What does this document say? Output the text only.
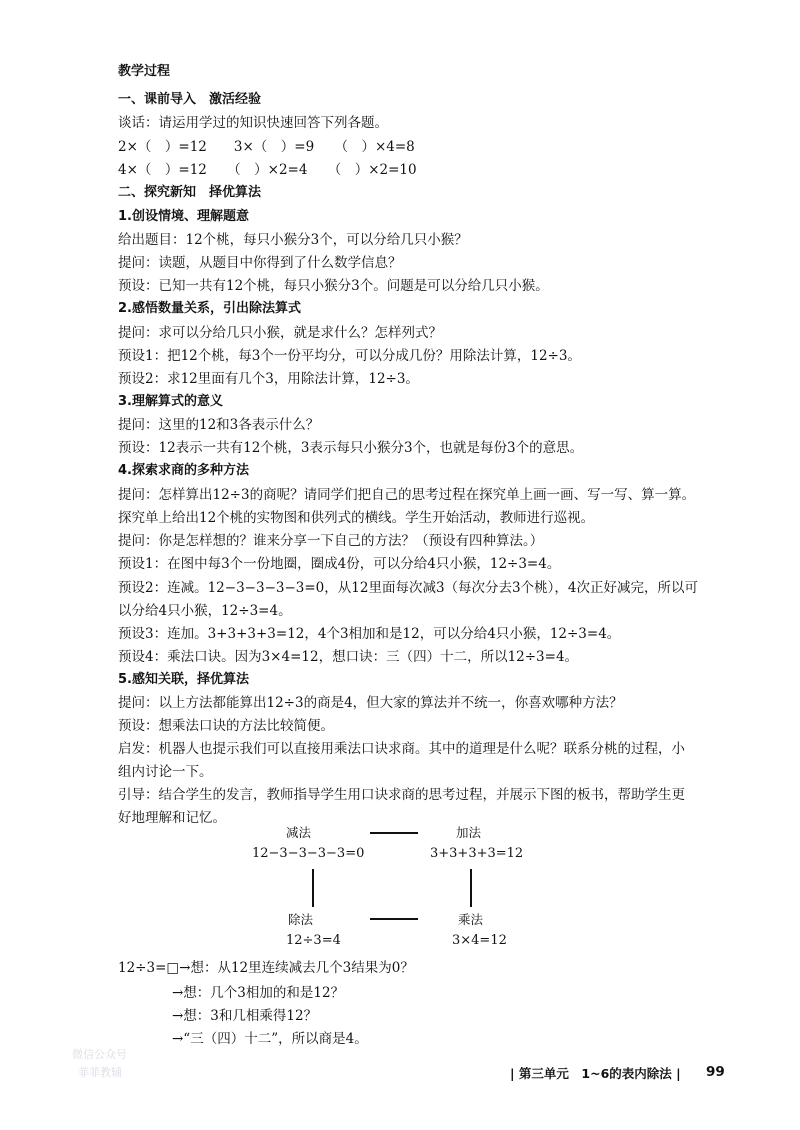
教学过程
一、课前导入　激活经验
谈话：请运用学过的知识快速回答下列各题。
2×（　）=12　　3×（　）=9　　（　）×4=8
4×（　）=12　　（　）×2=4　　（　）×2=10
二、探究新知　择优算法
1.创设情境、理解题意
给出题目：12个桃，每只小猴分3个，可以分给几只小猴？
提问：读题，从题目中你得到了什么数学信息？
预设：已知一共有12个桃，每只小猴分3个。问题是可以分给几只小猴。
2.感悟数量关系，引出除法算式
提问：求可以分给几只小猴，就是求什么？怎样列式？
预设1：把12个桃，每3个一份平均分，可以分成几份？用除法计算，12÷3。
预设2：求12里面有几个3，用除法计算，12÷3。
3.理解算式的意义
提问：这里的12和3各表示什么？
预设：12表示一共有12个桃，3表示每只小猴分3个，也就是每份3个的意思。
4.探索求商的多种方法
提问：怎样算出12÷3的商呢？请同学们把自己的思考过程在探究单上画一画、写一写、算一算。
探究单上给出12个桃的实物图和供列式的横线。学生开始活动，教师进行巡视。
提问：你是怎样想的？谁来分享一下自己的方法？（预设有四种算法。）
预设1：在图中每3个一份地圈，圈成4份，可以分给4只小猴，12÷3=4。
预设2：连减。12−3−3−3−3=0，从12里面每次减3（每次分去3个桃），4次正好减完，所以可
以分给4只小猴，12÷3=4。
预设3：连加。3+3+3+3=12，4个3相加和是12，可以分给4只小猴，12÷3=4。
预设4：乘法口诀。因为3×4=12，想口诀：三（四）十二，所以12÷3=4。
5.感知关联，择优算法
提问：以上方法都能算出12÷3的商是4，但大家的算法并不统一，你喜欢哪种方法？
预设：想乘法口诀的方法比较简便。
启发：机器人也提示我们可以直接用乘法口诀求商。其中的道理是什么呢？联系分桃的过程，小
组内讨论一下。
引导：结合学生的发言，教师指导学生用口诀求商的思考过程，并展示下图的板书，帮助学生更
好地理解和记忆。
减法	加法
12−3−3−3−3=0	3+3+3+3=12
除法	乘法
12÷3=4	3×4=12
12÷3=□→想：从12里连续减去几个3结果为0？
→想：几个3相加的和是12？
→想：3和几相乘得12？
→“三（四）十二”，所以商是4。
微信公众号
菲菲教辅	| 第三单元　1~6的表内除法 | 99
